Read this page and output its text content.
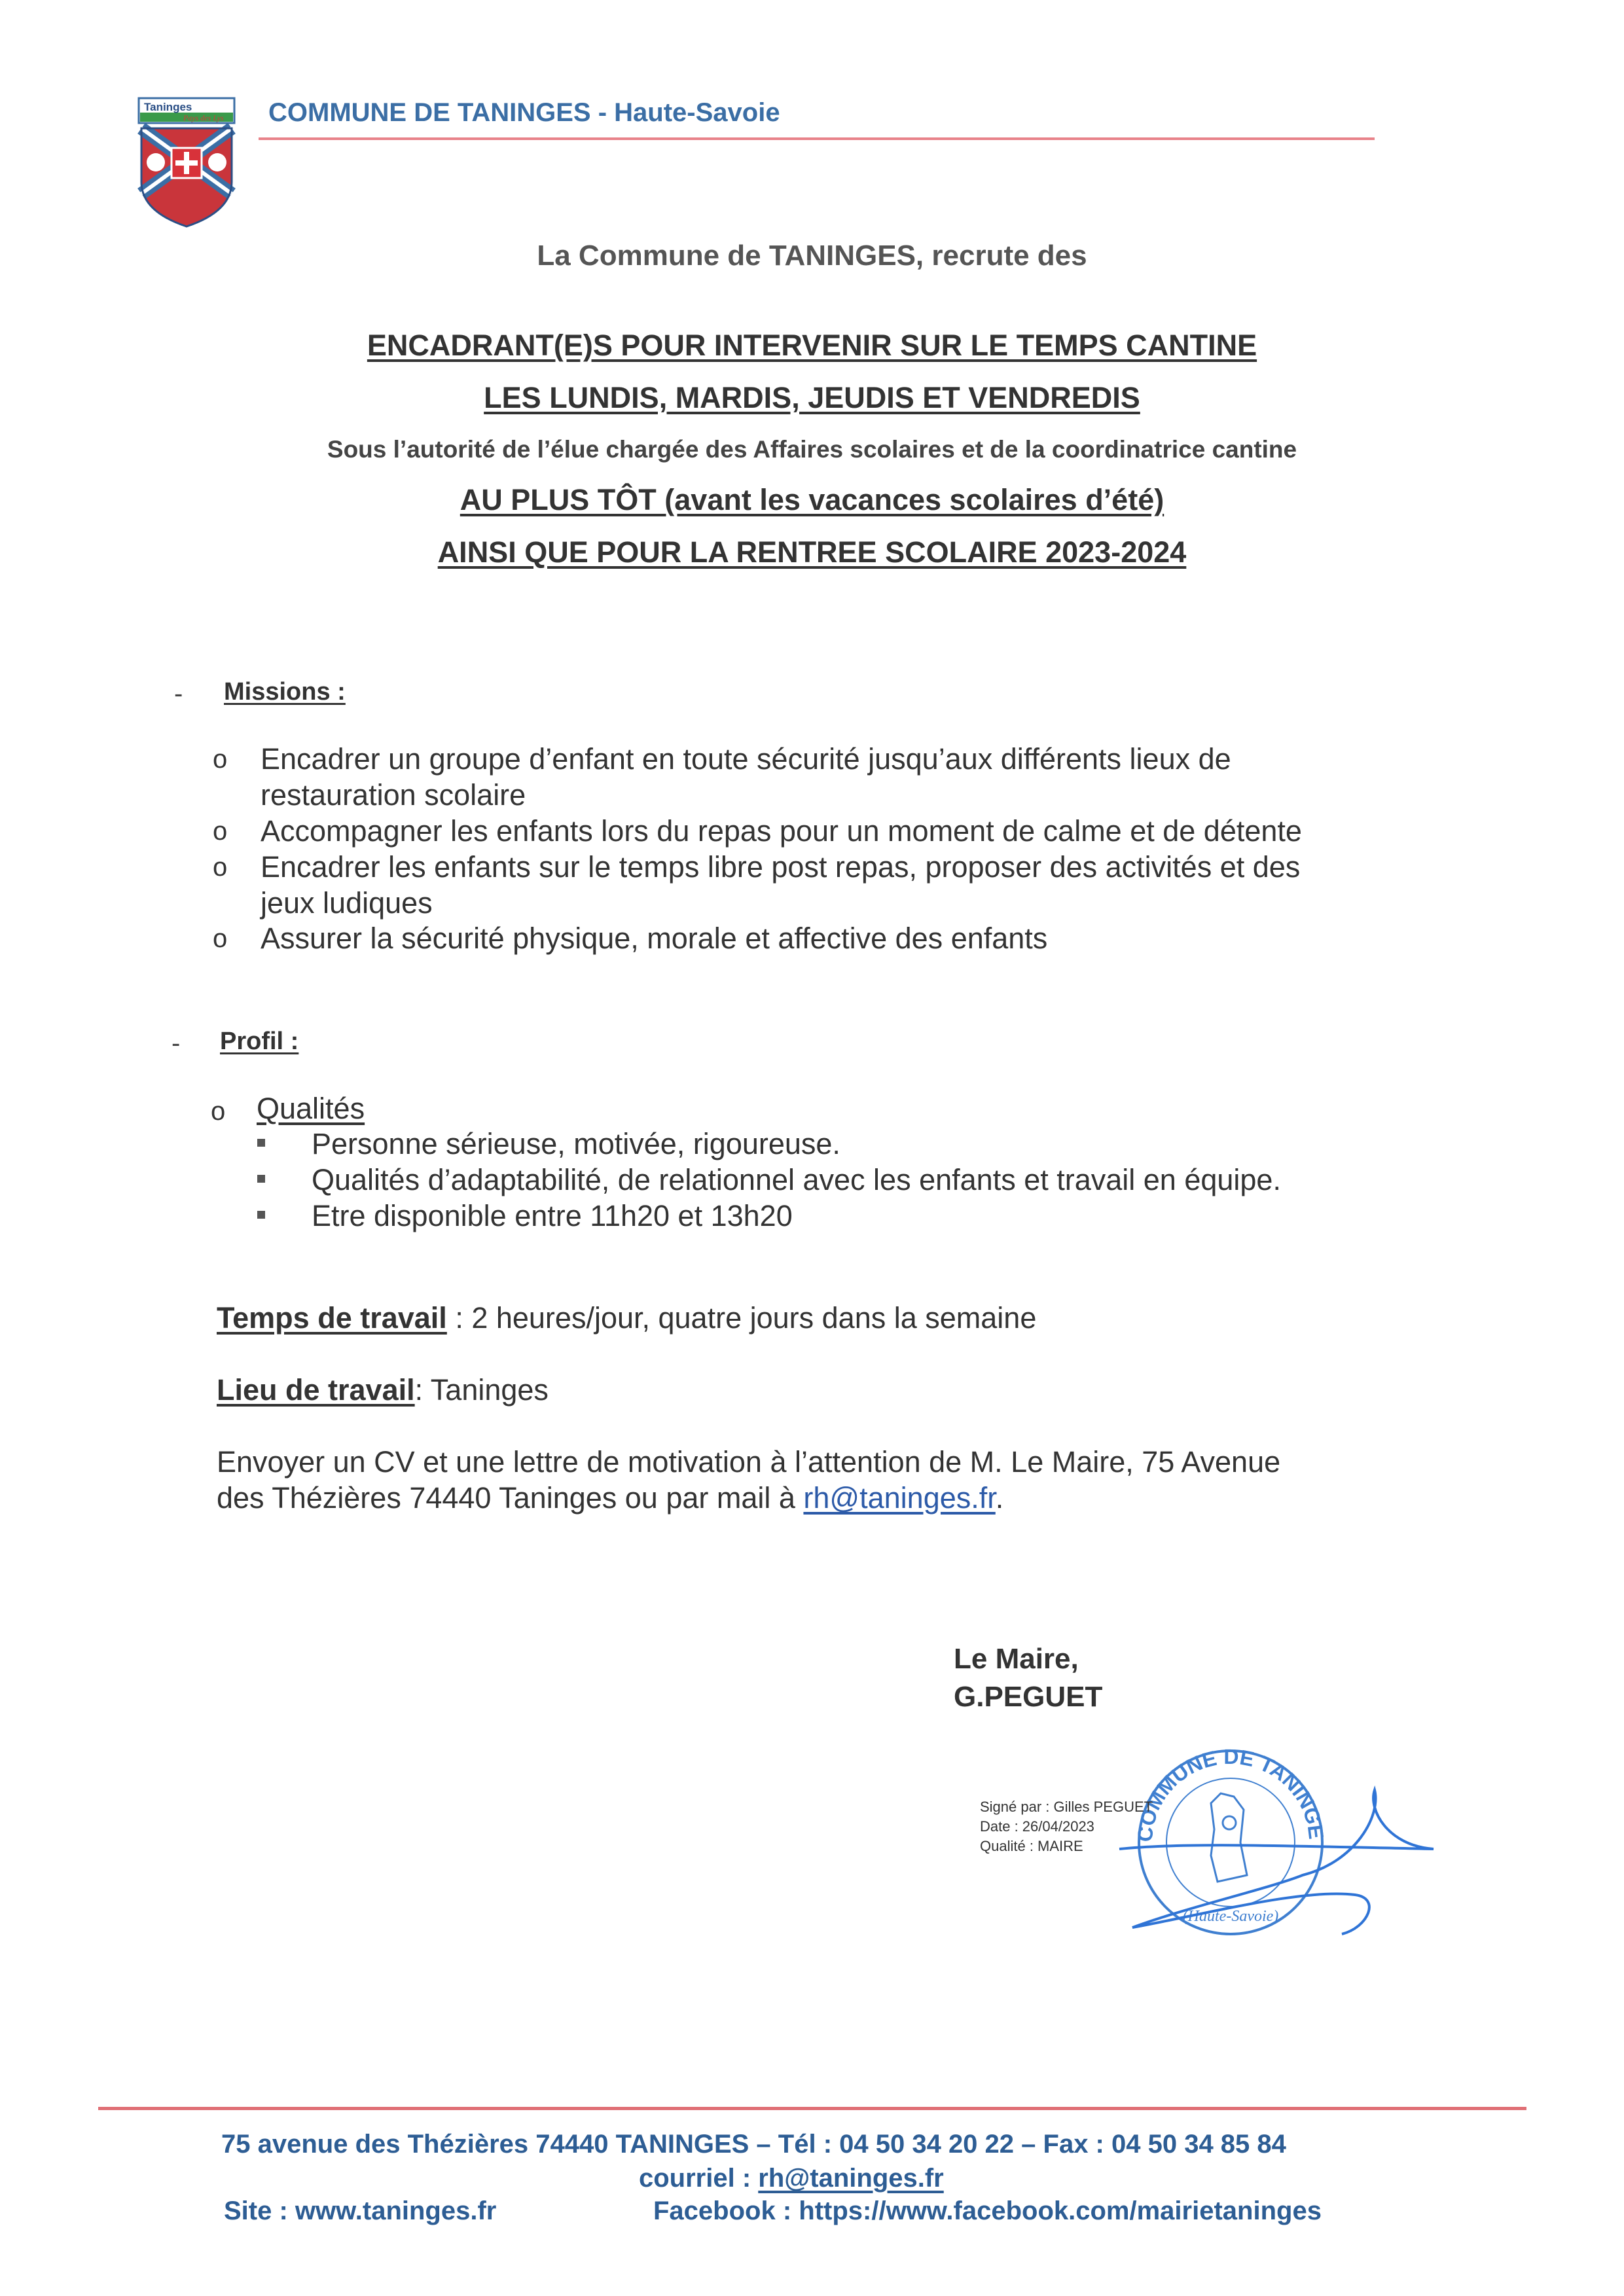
Taninges
Pays des Lys COMMUNE DE TANINGES - Haute-Savoie
La Commune de TANINGES, recrute des
ENCADRANT(E)S POUR INTERVENIR SUR LE TEMPS CANTINE
LES LUNDIS, MARDIS, JEUDIS ET VENDREDIS
Sous l’autorité de l’élue chargée des Affaires scolaires et de la coordinatrice cantine
AU PLUS TÔT (avant les vacances scolaires d’été)
AINSI QUE POUR LA RENTREE SCOLAIRE 2023-2024
- Missions :
o Encadrer un groupe d’enfant en toute sécurité jusqu’aux différents lieux de
restauration scolaire
o Accompagner les enfants lors du repas pour un moment de calme et de détente
o Encadrer les enfants sur le temps libre post repas, proposer des activités et des
jeux ludiques
o Assurer la sécurité physique, morale et affective des enfants
- Profil :
o Qualités
Personne sérieuse, motivée, rigoureuse.
Qualités d’adaptabilité, de relationnel avec les enfants et travail en équipe.
Etre disponible entre 11h20 et 13h20
Temps de travail : 2 heures/jour, quatre jours dans la semaine
Lieu de travail: Taninges
Envoyer un CV et une lettre de motivation à l’attention de M. Le Maire, 75 Avenue
des Thézières 74440 Taninges ou par mail à rh@taninges.fr.
Le Maire,
G.PEGUET
COMMUNE DE TANINGE
(Haute-Savoie)
Signé par : Gilles PEGUET
Date : 26/04/2023
Qualité : MAIRE
75 avenue des Thézières 74440 TANINGES – Tél : 04 50 34 20 22 – Fax : 04 50 34 85 84
courriel : rh@taninges.fr
Site : www.taninges.fr	Facebook : https://www.facebook.com/mairietaninges
